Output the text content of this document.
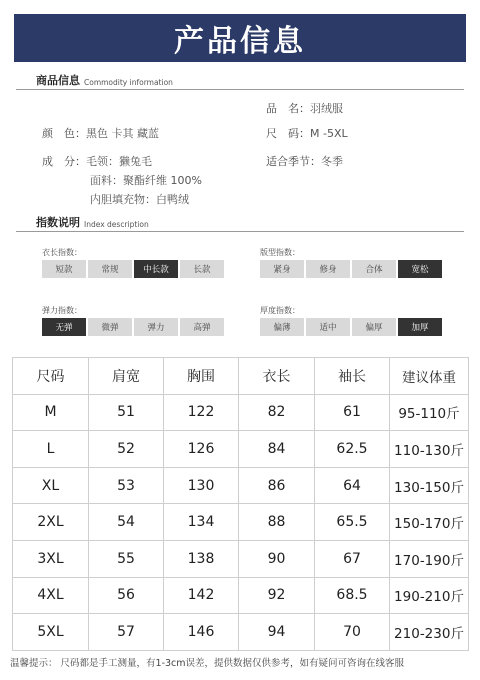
产品信息
商品信息 Commodity information
品　名：羽绒服
颜　色：黑色 卡其 藏蓝	尺　码：M -5XL
成　分：毛领：獭兔毛	适合季节：冬季
面料：聚酯纤维 100%
内胆填充物：白鸭绒
指数说明 Index description
衣长指数：
短款	常规	中长款	长款
版型指数：
紧身	修身	合体	宽松
弹力指数：
无弹	微弹	弹力	高弹
厚度指数：
偏薄	适中	偏厚	加厚
尺码	肩宽	胸围	衣长	袖长	建议体重
M	51	122	82	61	95-110斤
L	52	126	84	62.5	110-130斤
XL	53	130	86	64	130-150斤
2XL	54	134	88	65.5	150-170斤
3XL	55	138	90	67	170-190斤
4XL	56	142	92	68.5	190-210斤
5XL	57	146	94	70	210-230斤
温馨提示： 尺码都是手工测量，有1-3cm误差，提供数据仅供参考，如有疑问可咨询在线客服
